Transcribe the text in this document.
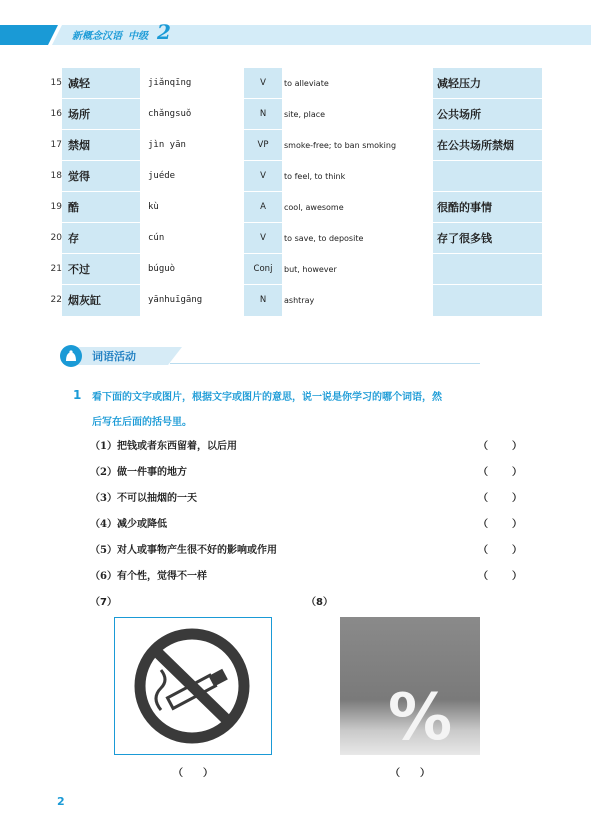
新概念汉语 中级 2
15 减轻	jiǎnqīng	V	to alleviate	减轻压力
16 场所	chǎngsuǒ	N	site, place	公共场所
17 禁烟	jìn yān	VP	smoke-free; to ban smoking	在公共场所禁烟
18 觉得	juéde	V	to feel, to think
19 酷	kù	A	cool, awesome	很酷的事情
20 存	cún	V	to save, to deposite	存了很多钱
21 不过	búguò	Conj	but, however
22 烟灰缸	yānhuīgāng	N	ashtray
词语活动
1 看下面的文字或图片，根据文字或图片的意思，说一说是你学习的哪个词语，然
后写在后面的括号里。
（1）把钱或者东西留着，以后用	（ ）
（2）做一件事的地方	（ ）
（3）不可以抽烟的一天	（ ）
（4）减少或降低	（ ）
（5）对人或事物产生很不好的影响或作用	（ ）
（6）有个性，觉得不一样	（ ）
（7）	（8）
%
（ ）	（ ）
2
